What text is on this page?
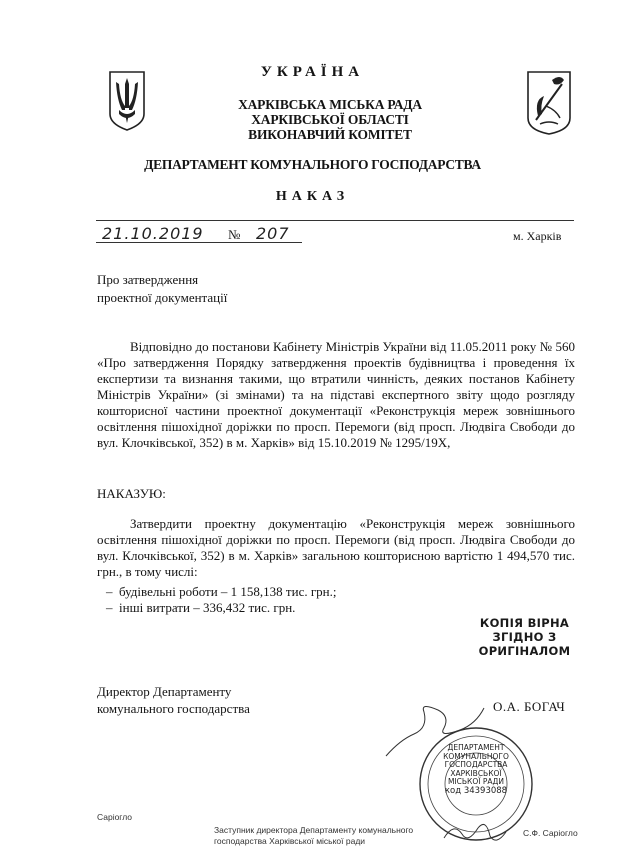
УКРАЇНА
ХАРКІВСЬКА МІСЬКА РАДА
ХАРКІВСЬКОЇ ОБЛАСТІ
ВИКОНАВЧИЙ КОМІТЕТ
ДЕПАРТАМЕНТ КОМУНАЛЬНОГО ГОСПОДАРСТВА
НАКАЗ
21.10.2019 № 207	м. Харків
Про затвердження
проектної документації
Відповідно до постанови Кабінету Міністрів України від 11.05.2011 року № 560 «Про затвердження Порядку затвердження проектів будівництва і проведення їх експертизи та визнання такими, що втратили чинність, деяких постанов Кабінету Міністрів України» (зі змінами) та на підставі експертного звіту щодо розгляду кошторисної частини проектної документації «Реконструкція мереж зовнішнього освітлення пішохідної доріжки по просп. Перемоги (від просп. Людвіга Свободи до вул. Клочківської, 352) в м. Харків» від 15.10.2019 № 1295/19Х,
НАКАЗУЮ:
Затвердити проектну документацію «Реконструкція мереж зовнішнього освітлення пішохідної доріжки по просп. Перемоги (від просп. Людвіга Свободи до вул. Клочківської, 352) в м. Харків» загальною кошторисною вартістю 1 494,570 тис. грн., в тому числі:
–  будівельні роботи – 1 158,138 тис. грн.;
–  інші витрати – 336,432 тис. грн.
КОПІЯ ВІРНА
ЗГІДНО З
ОРИГІНАЛОМ
Директор Департаменту
комунального господарства	О.А. БОГАЧ
ДЕПАРТАМЕНТ
КОМУНАЛЬНОГО
ГОСПОДАРСТВА
ХАРКІВСЬКОЇ
МІСЬКОЇ РАДИ
код 34393088
Саріогло
Заступник директора Департаменту комунального
господарства Харківської міської ради
С.Ф. Саріогло
